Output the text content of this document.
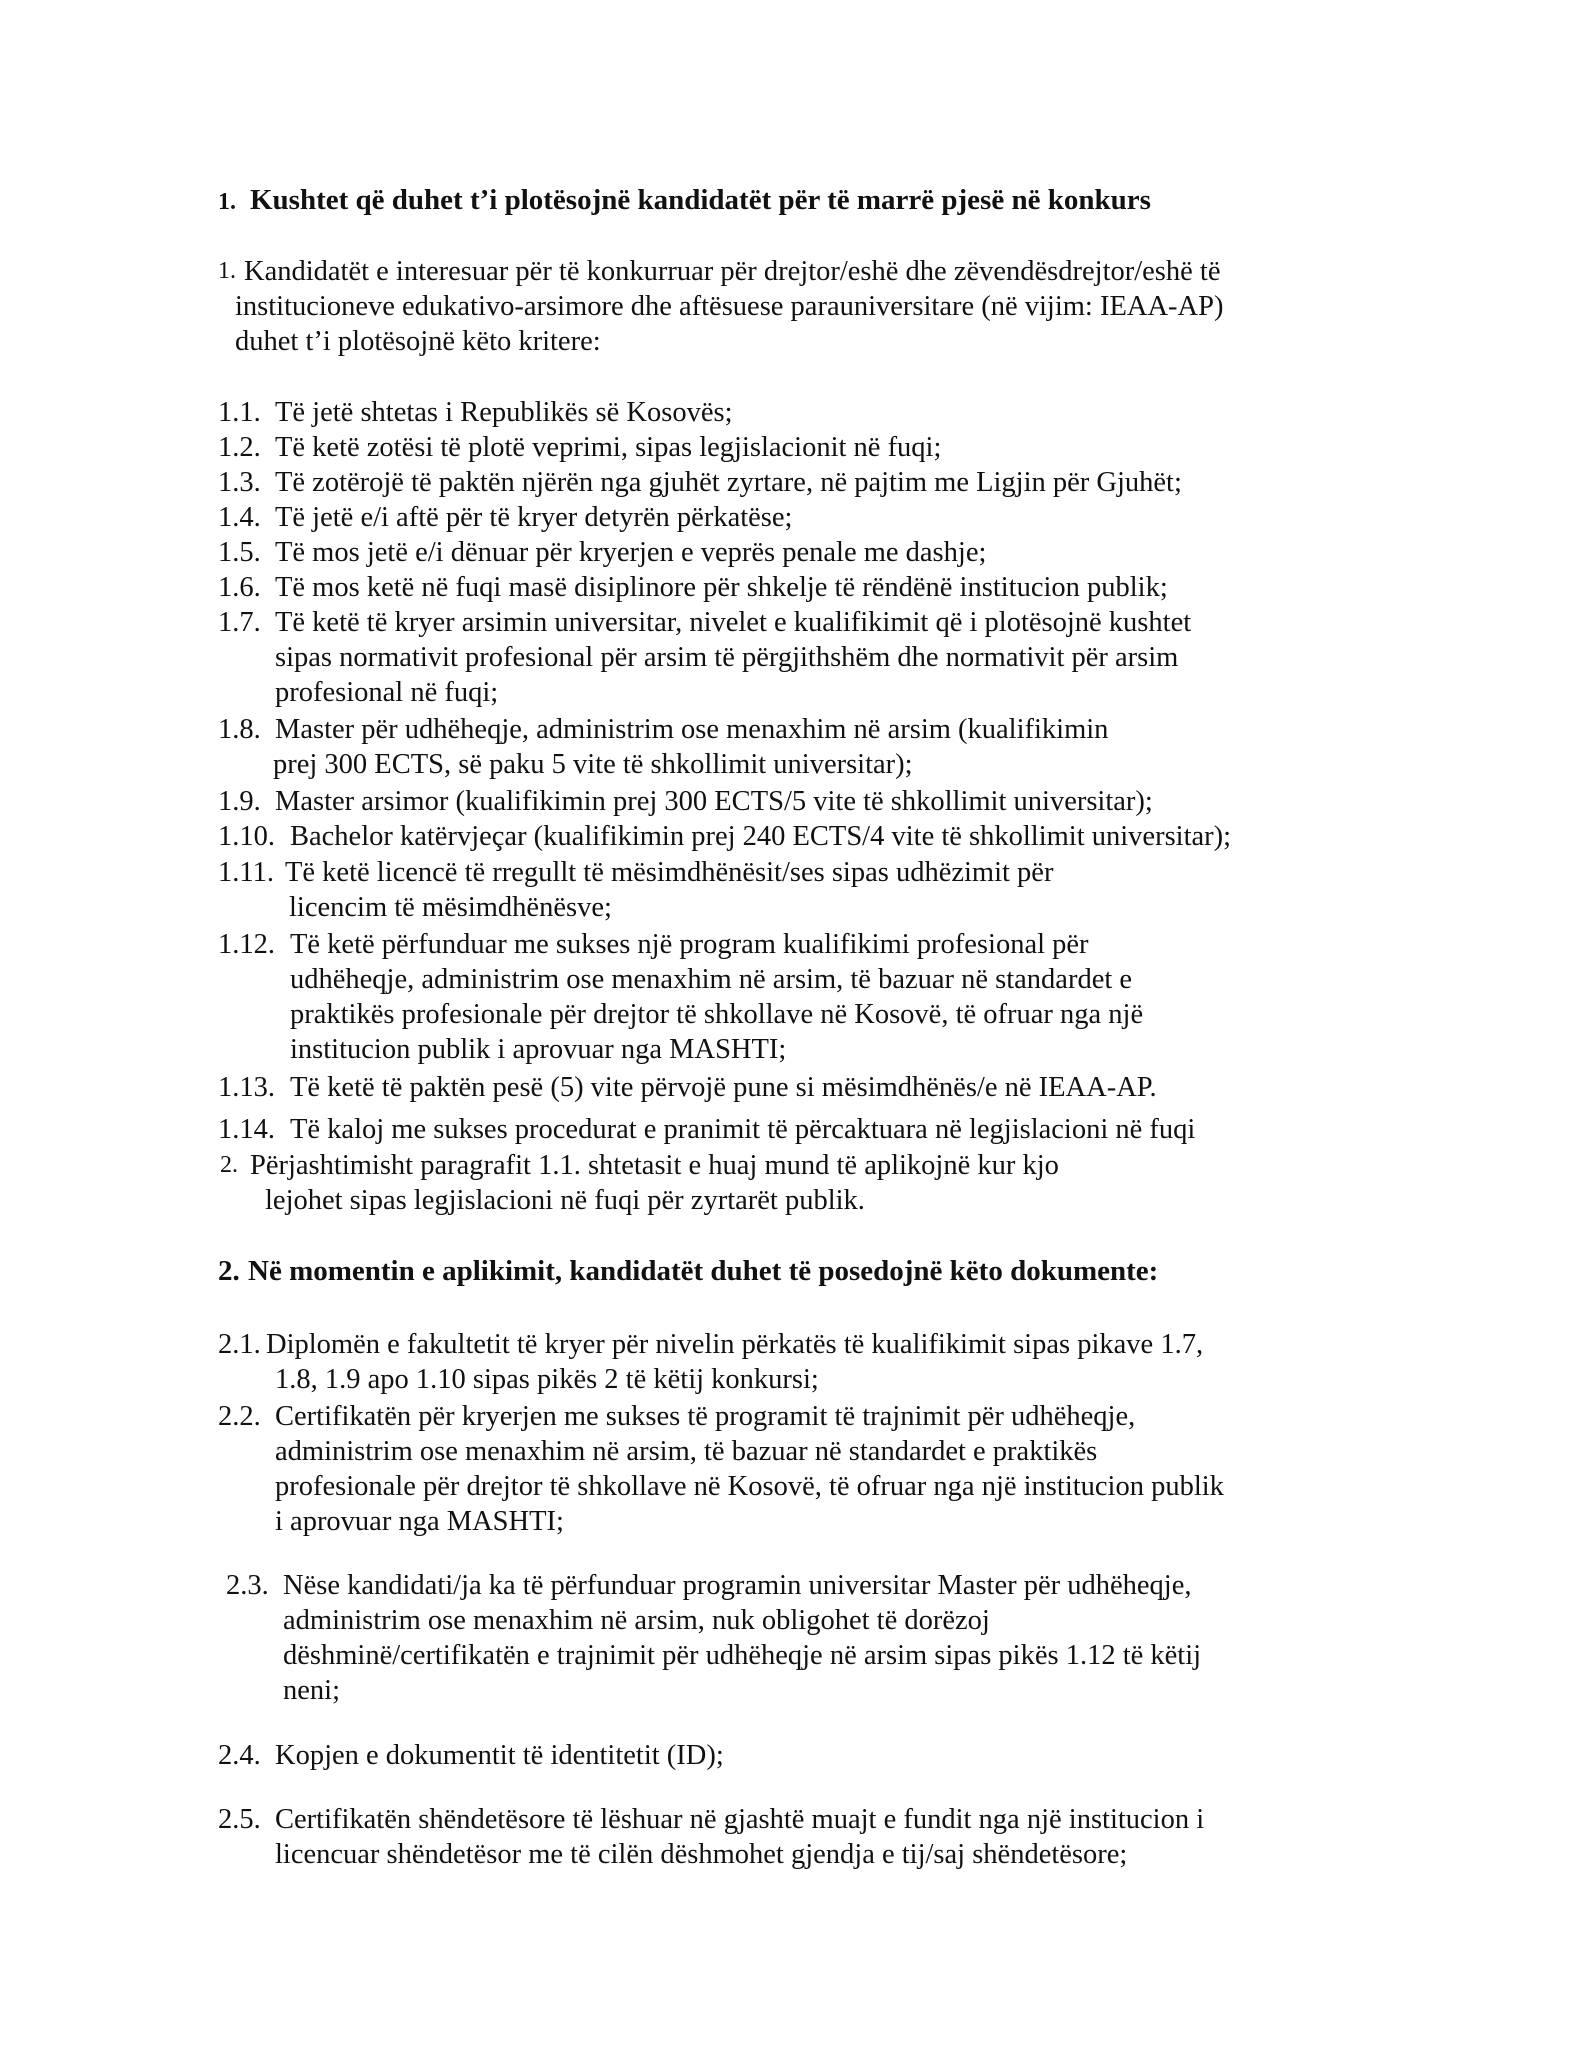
1. Kushtet që duhet t’i plotësojnë kandidatët për të marrë pjesë në konkurs
1. Kandidatët e interesuar për të konkurruar për drejtor/eshë dhe zëvendësdrejtor/eshë të
institucioneve edukativo-arsimore dhe aftësuese parauniversitare (në vijim: IEAA-AP)
duhet t’i plotësojnë këto kritere:
1.1. Të jetë shtetas i Republikës së Kosovës;
1.2. Të ketë zotësi të plotë veprimi, sipas legjislacionit në fuqi;
1.3. Të zotërojë të paktën njërën nga gjuhët zyrtare, në pajtim me Ligjin për Gjuhët;
1.4. Të jetë e/i aftë për të kryer detyrën përkatëse;
1.5. Të mos jetë e/i dënuar për kryerjen e veprës penale me dashje;
1.6. Të mos ketë në fuqi masë disiplinore për shkelje të rëndënë institucion publik;
1.7. Të ketë të kryer arsimin universitar, nivelet e kualifikimit që i plotësojnë kushtet
sipas normativit profesional për arsim të përgjithshëm dhe normativit për arsim
profesional në fuqi;
1.8. Master për udhëheqje, administrim ose menaxhim në arsim (kualifikimin
prej 300 ECTS, së paku 5 vite të shkollimit universitar);
1.9. Master arsimor (kualifikimin prej 300 ECTS/5 vite të shkollimit universitar);
1.10. Bachelor katërvjeçar (kualifikimin prej 240 ECTS/4 vite të shkollimit universitar);
1.11. Të ketë licencë të rregullt të mësimdhënësit/ses sipas udhëzimit për
licencim të mësimdhënësve;
1.12. Të ketë përfunduar me sukses një program kualifikimi profesional për
udhëheqje, administrim ose menaxhim në arsim, të bazuar në standardet e
praktikës profesionale për drejtor të shkollave në Kosovë, të ofruar nga një
institucion publik i aprovuar nga MASHTI;
1.13. Të ketë të paktën pesë (5) vite përvojë pune si mësimdhënës/e në IEAA-AP.
1.14. Të kaloj me sukses procedurat e pranimit të përcaktuara në legjislacioni në fuqi
2. Përjashtimisht paragrafit 1.1. shtetasit e huaj mund të aplikojnë kur kjo
lejohet sipas legjislacioni në fuqi për zyrtarët publik.
2. Në momentin e aplikimit, kandidatët duhet të posedojnë këto dokumente:
2.1. Diplomën e fakultetit të kryer për nivelin përkatës të kualifikimit sipas pikave 1.7,
1.8, 1.9 apo 1.10 sipas pikës 2 të këtij konkursi;
2.2. Certifikatën për kryerjen me sukses të programit të trajnimit për udhëheqje,
administrim ose menaxhim në arsim, të bazuar në standardet e praktikës
profesionale për drejtor të shkollave në Kosovë, të ofruar nga një institucion publik
i aprovuar nga MASHTI;
2.3. Nëse kandidati/ja ka të përfunduar programin universitar Master për udhëheqje,
administrim ose menaxhim në arsim, nuk obligohet të dorëzoj
dëshminë/certifikatën e trajnimit për udhëheqje në arsim sipas pikës 1.12 të këtij
neni;
2.4. Kopjen e dokumentit të identitetit (ID);
2.5. Certifikatën shëndetësore të lëshuar në gjashtë muajt e fundit nga një institucion i
licencuar shëndetësor me të cilën dëshmohet gjendja e tij/saj shëndetësore;
